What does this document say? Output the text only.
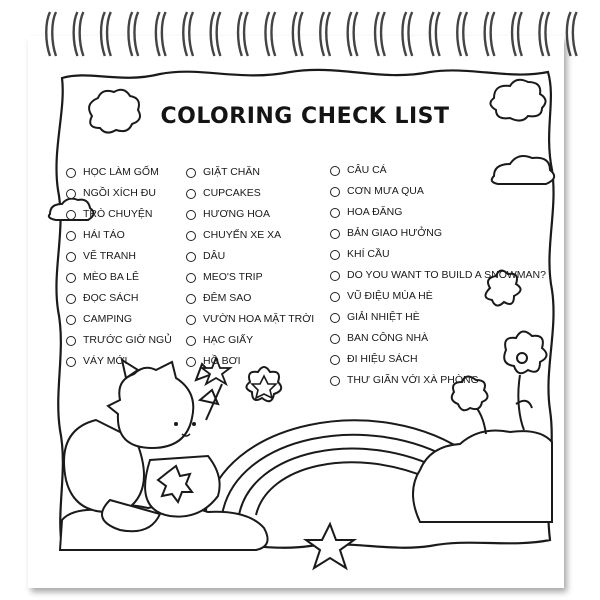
COLORING CHECK LIST
HỌC LÀM GỐM
NGỒI XÍCH ĐU
TRÒ CHUYỆN
HÁI TÁO
VẼ TRANH
MÈO BA LÊ
ĐỌC SÁCH
CAMPING
TRƯỚC GIỜ NGỦ
VÁY MỚI
GIẶT CHĂN
CUPCAKES
HƯƠNG HOA
CHUYẾN XE XA
DÂU
MEO'S TRIP
ĐÊM SAO
VƯỜN HOA MẶT TRỜI
HẠC GIẤY
HỒ BƠI
CÂU CÁ
CƠN MƯA QUA
HOA ĐĂNG
BẢN GIAO HƯỞNG
KHÍ CẦU
DO YOU WANT TO BUILD A SNOWMAN?
VŨ ĐIỆU MÙA HÈ
GIẢI NHIỆT HÈ
BAN CÔNG NHÀ
ĐI HIỆU SÁCH
THƯ GIÃN VỚI XÀ PHÒNG
